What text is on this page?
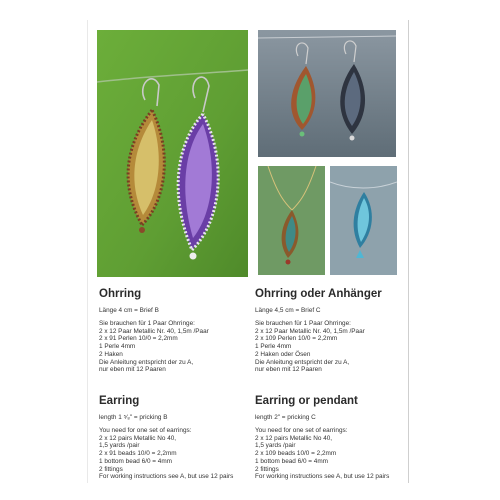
Ohrring

Länge 4 cm = Brief B

Sie brauchen für 1 Paar Ohrringe:
2 x 12 Paar Metallic Nr. 40, 1,5m /Paar
2 x 91 Perlen 10/0 = 2,2mm
1 Perle 4mm
2 Haken
Die Anleitung entspricht der zu A,
nur eben mit 12 Paaren
Ohrring oder Anhänger

Länge 4,5 cm = Brief C

Sie brauchen für 1 Paar Ohrringe:
2 x 12 Paar Metallic Nr. 40, 1,5m /Paar
2 x 109 Perlen 10/0 = 2,2mm
1 Perle 4mm
2 Haken oder Ösen
Die Anleitung entspricht der zu A,
nur eben mit 12 Paaren
Earring

length 1 ⁵⁄₈" = pricking B

You need for one set of earrings:
2 x 12 pairs Metallic No 40,
1,5 yards /pair
2 x 91 beads 10/0 = 2,2mm
1 bottom bead 6/0 = 4mm
2 fittings
For working instructions see A, but use 12 pairs
Earring or pendant

length 2" = pricking C

You need for one set of earrings:
2 x 12 pairs Metallic No 40,
1,5 yards /pair
2 x 109 beads 10/0 = 2,2mm
1 bottom bead 6/0 = 4mm
2 fittings
For working instructions see A, but use 12 pairs
